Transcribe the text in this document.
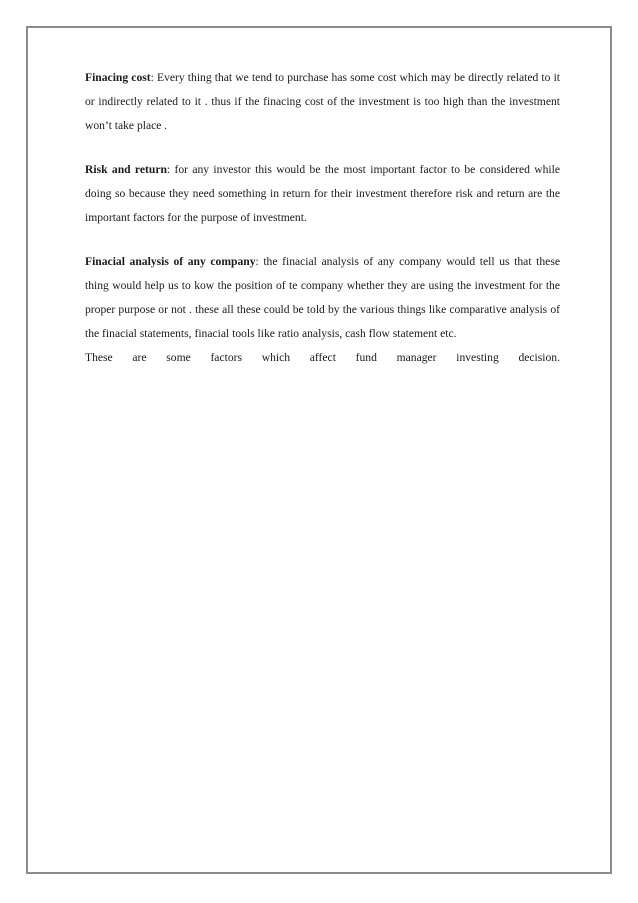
Finacing cost: Every thing that we tend to purchase has some cost which may be directly related to it or indirectly related to it . thus if the finacing cost of the investment is too high than the investment won’t take place .

Risk and return: for any investor this would be the most important factor to be considered while doing so because they need something in return for their investment therefore risk and return are the important factors for the purpose of investment.

Finacial analysis of any company: the finacial analysis of any company would tell us that these thing would help us to kow the position of te company whether they are using the investment for the proper purpose or not . these all these could be told by the various things like comparative analysis of the finacial statements, finacial tools like ratio analysis, cash flow statement etc.

These are some factors which affect fund manager investing decision.
